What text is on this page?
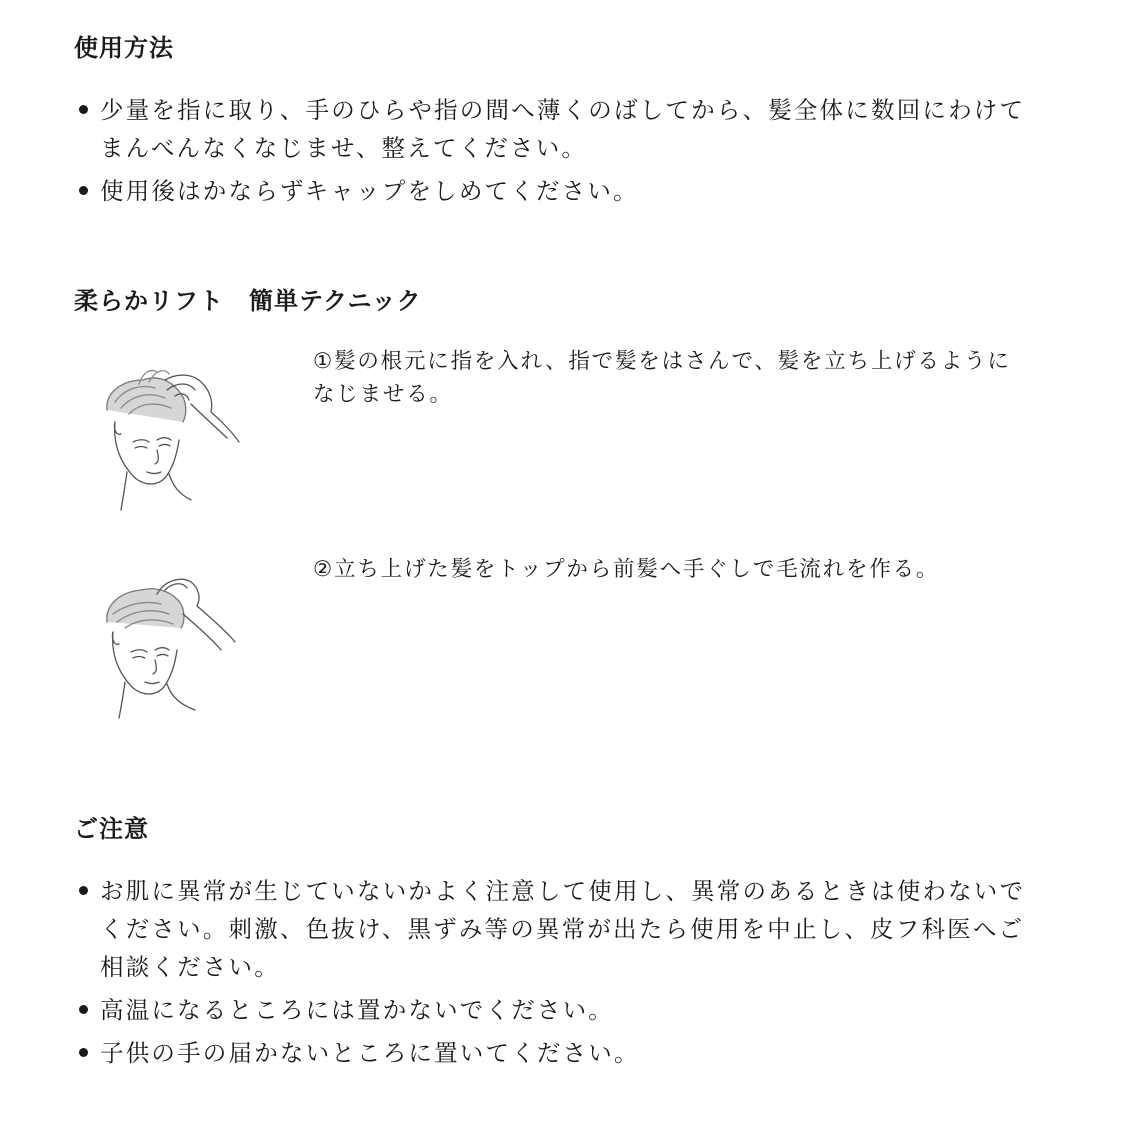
使用方法
少量を指に取り、手のひらや指の間へ薄くのばしてから、髪全体に数回にわけてまんべんなくなじませ、整えてください。
使用後はかならずキャップをしめてください。
柔らかリフト　簡単テクニック

①髪の根元に指を入れ、指で髪をはさんで、髪を立ち上げるようになじませる。

②立ち上げた髪をトップから前髪へ手ぐしで毛流れを作る。

ご注意
お肌に異常が生じていないかよく注意して使用し、異常のあるときは使わないでください。刺激、色抜け、黒ずみ等の異常が出たら使用を中止し、皮フ科医へご相談ください。
高温になるところには置かないでください。
子供の手の届かないところに置いてください。
